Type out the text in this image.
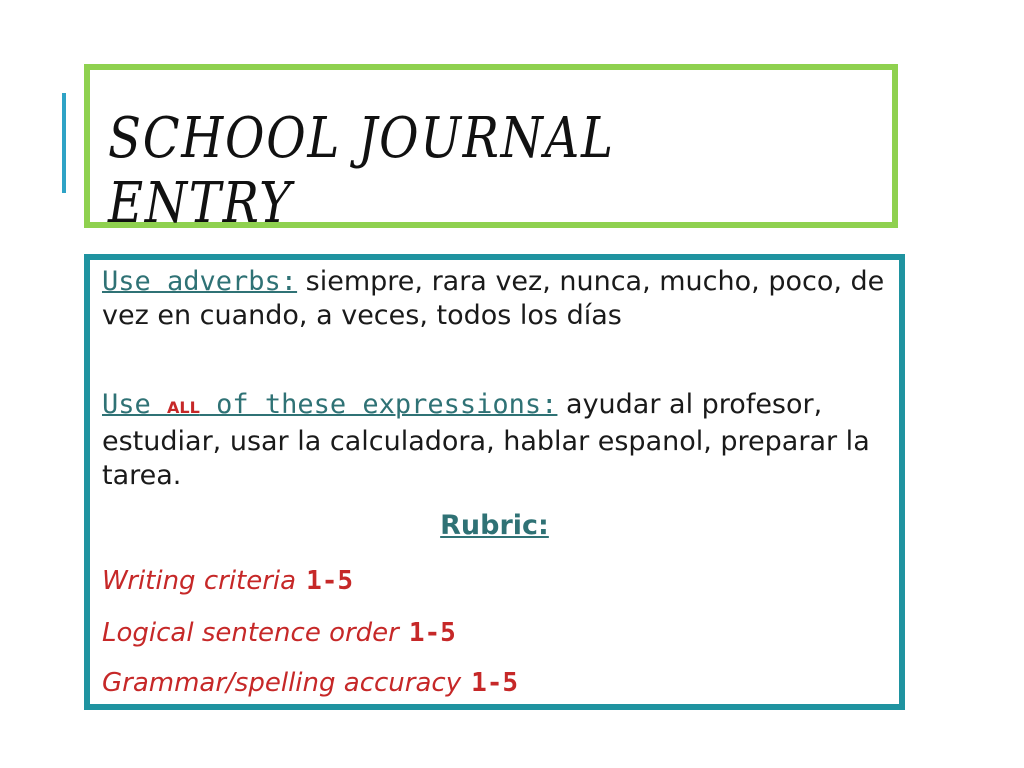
SCHOOL JOURNAL ENTRY

Use adverbs: siempre, rara vez, nunca, mucho, poco, de vez en cuando, a veces, todos los días

Use ALL of these expressions: ayudar al profesor, estudiar, usar la calculadora, hablar espanol, preparar la tarea.

Rubric:

Writing criteria 1-5

Logical sentence order 1-5

Grammar/spelling accuracy 1-5
